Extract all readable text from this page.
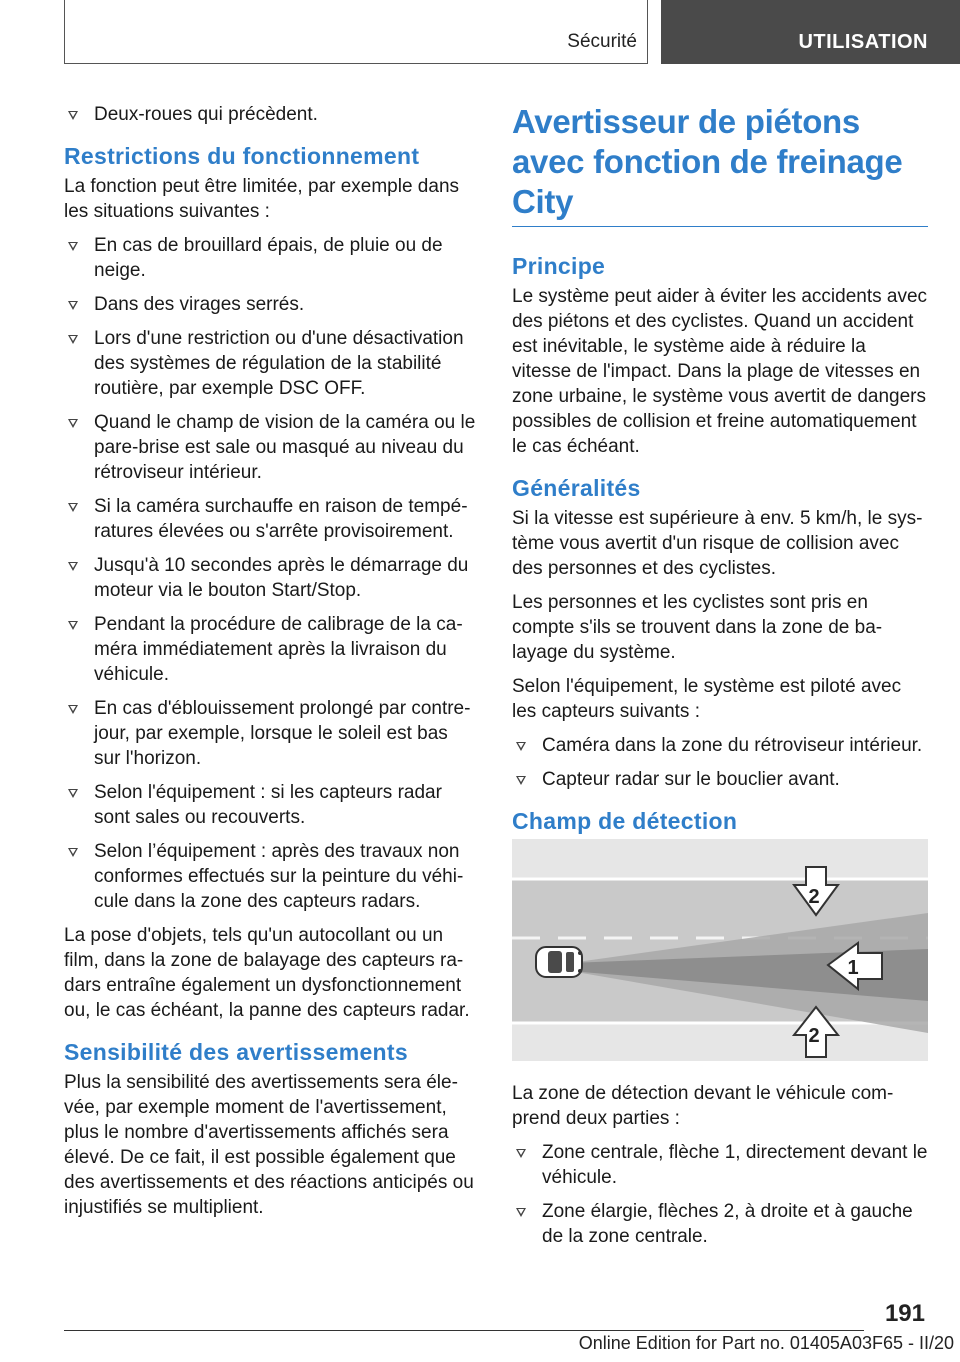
Sécurité	UTILISATION
Deux-roues qui précèdent.
Restrictions du fonctionnement

La fonction peut être limitée, par exemple dans les situations suivantes :

En cas de brouillard épais, de pluie ou de neige.
Dans des virages serrés.
Lors d'une restriction ou d'une désactivation des systèmes de régulation de la stabilité routière, par exemple DSC OFF.
Quand le champ de vision de la caméra ou le pare-brise est sale ou masqué au niveau du rétroviseur intérieur.
Si la caméra surchauffe en raison de températures élevées ou s'arrête provisoirement.
Jusqu'à 10 secondes après le démarrage du moteur via le bouton Start/Stop.
Pendant la procédure de calibrage de la caméra immédiatement après la livraison du véhicule.
En cas d'éblouissement prolongé par contre-jour, par exemple, lorsque le soleil est bas sur l'horizon.
Selon l'équipement : si les capteurs radar sont sales ou recouverts.
Selon l’équipement : après des travaux non conformes effectués sur la peinture du véhicule dans la zone des capteurs radars.

La pose d'objets, tels qu'un autocollant ou un film, dans la zone de balayage des capteurs radars entraîne également un dysfonctionnement ou, le cas échéant, la panne des capteurs radar.

Sensibilité des avertissements

Plus la sensibilité des avertissements sera élevée, par exemple moment de l'avertissement, plus le nombre d'avertissements affichés sera élevé. De ce fait, il est possible également que des avertissements et des réactions anticipés ou injustifiés se multiplient.

Avertisseur de piétons avec fonction de freinage City
Principe

Le système peut aider à éviter les accidents avec des piétons et des cyclistes. Quand un accident est inévitable, le système aide à réduire la vitesse de l'impact. Dans la plage de vitesses en zone urbaine, le système vous avertit de dangers possibles de collision et freine automatiquement le cas échéant.

Généralités

Si la vitesse est supérieure à env. 5 km/h, le système vous avertit d'un risque de collision avec des personnes et des cyclistes.

Les personnes et les cyclistes sont pris en compte s'ils se trouvent dans la zone de balayage du système.

Selon l'équipement, le système est piloté avec les capteurs suivants :

Caméra dans la zone du rétroviseur intérieur.
Capteur radar sur le bouclier avant.
Champ de détection
2
1
2

La zone de détection devant le véhicule comprend deux parties :

Zone centrale, flèche 1, directement devant le véhicule.
Zone élargie, flèches 2, à droite et à gauche de la zone centrale.
191
Online Edition for Part no. 01405A03F65 - II/20
